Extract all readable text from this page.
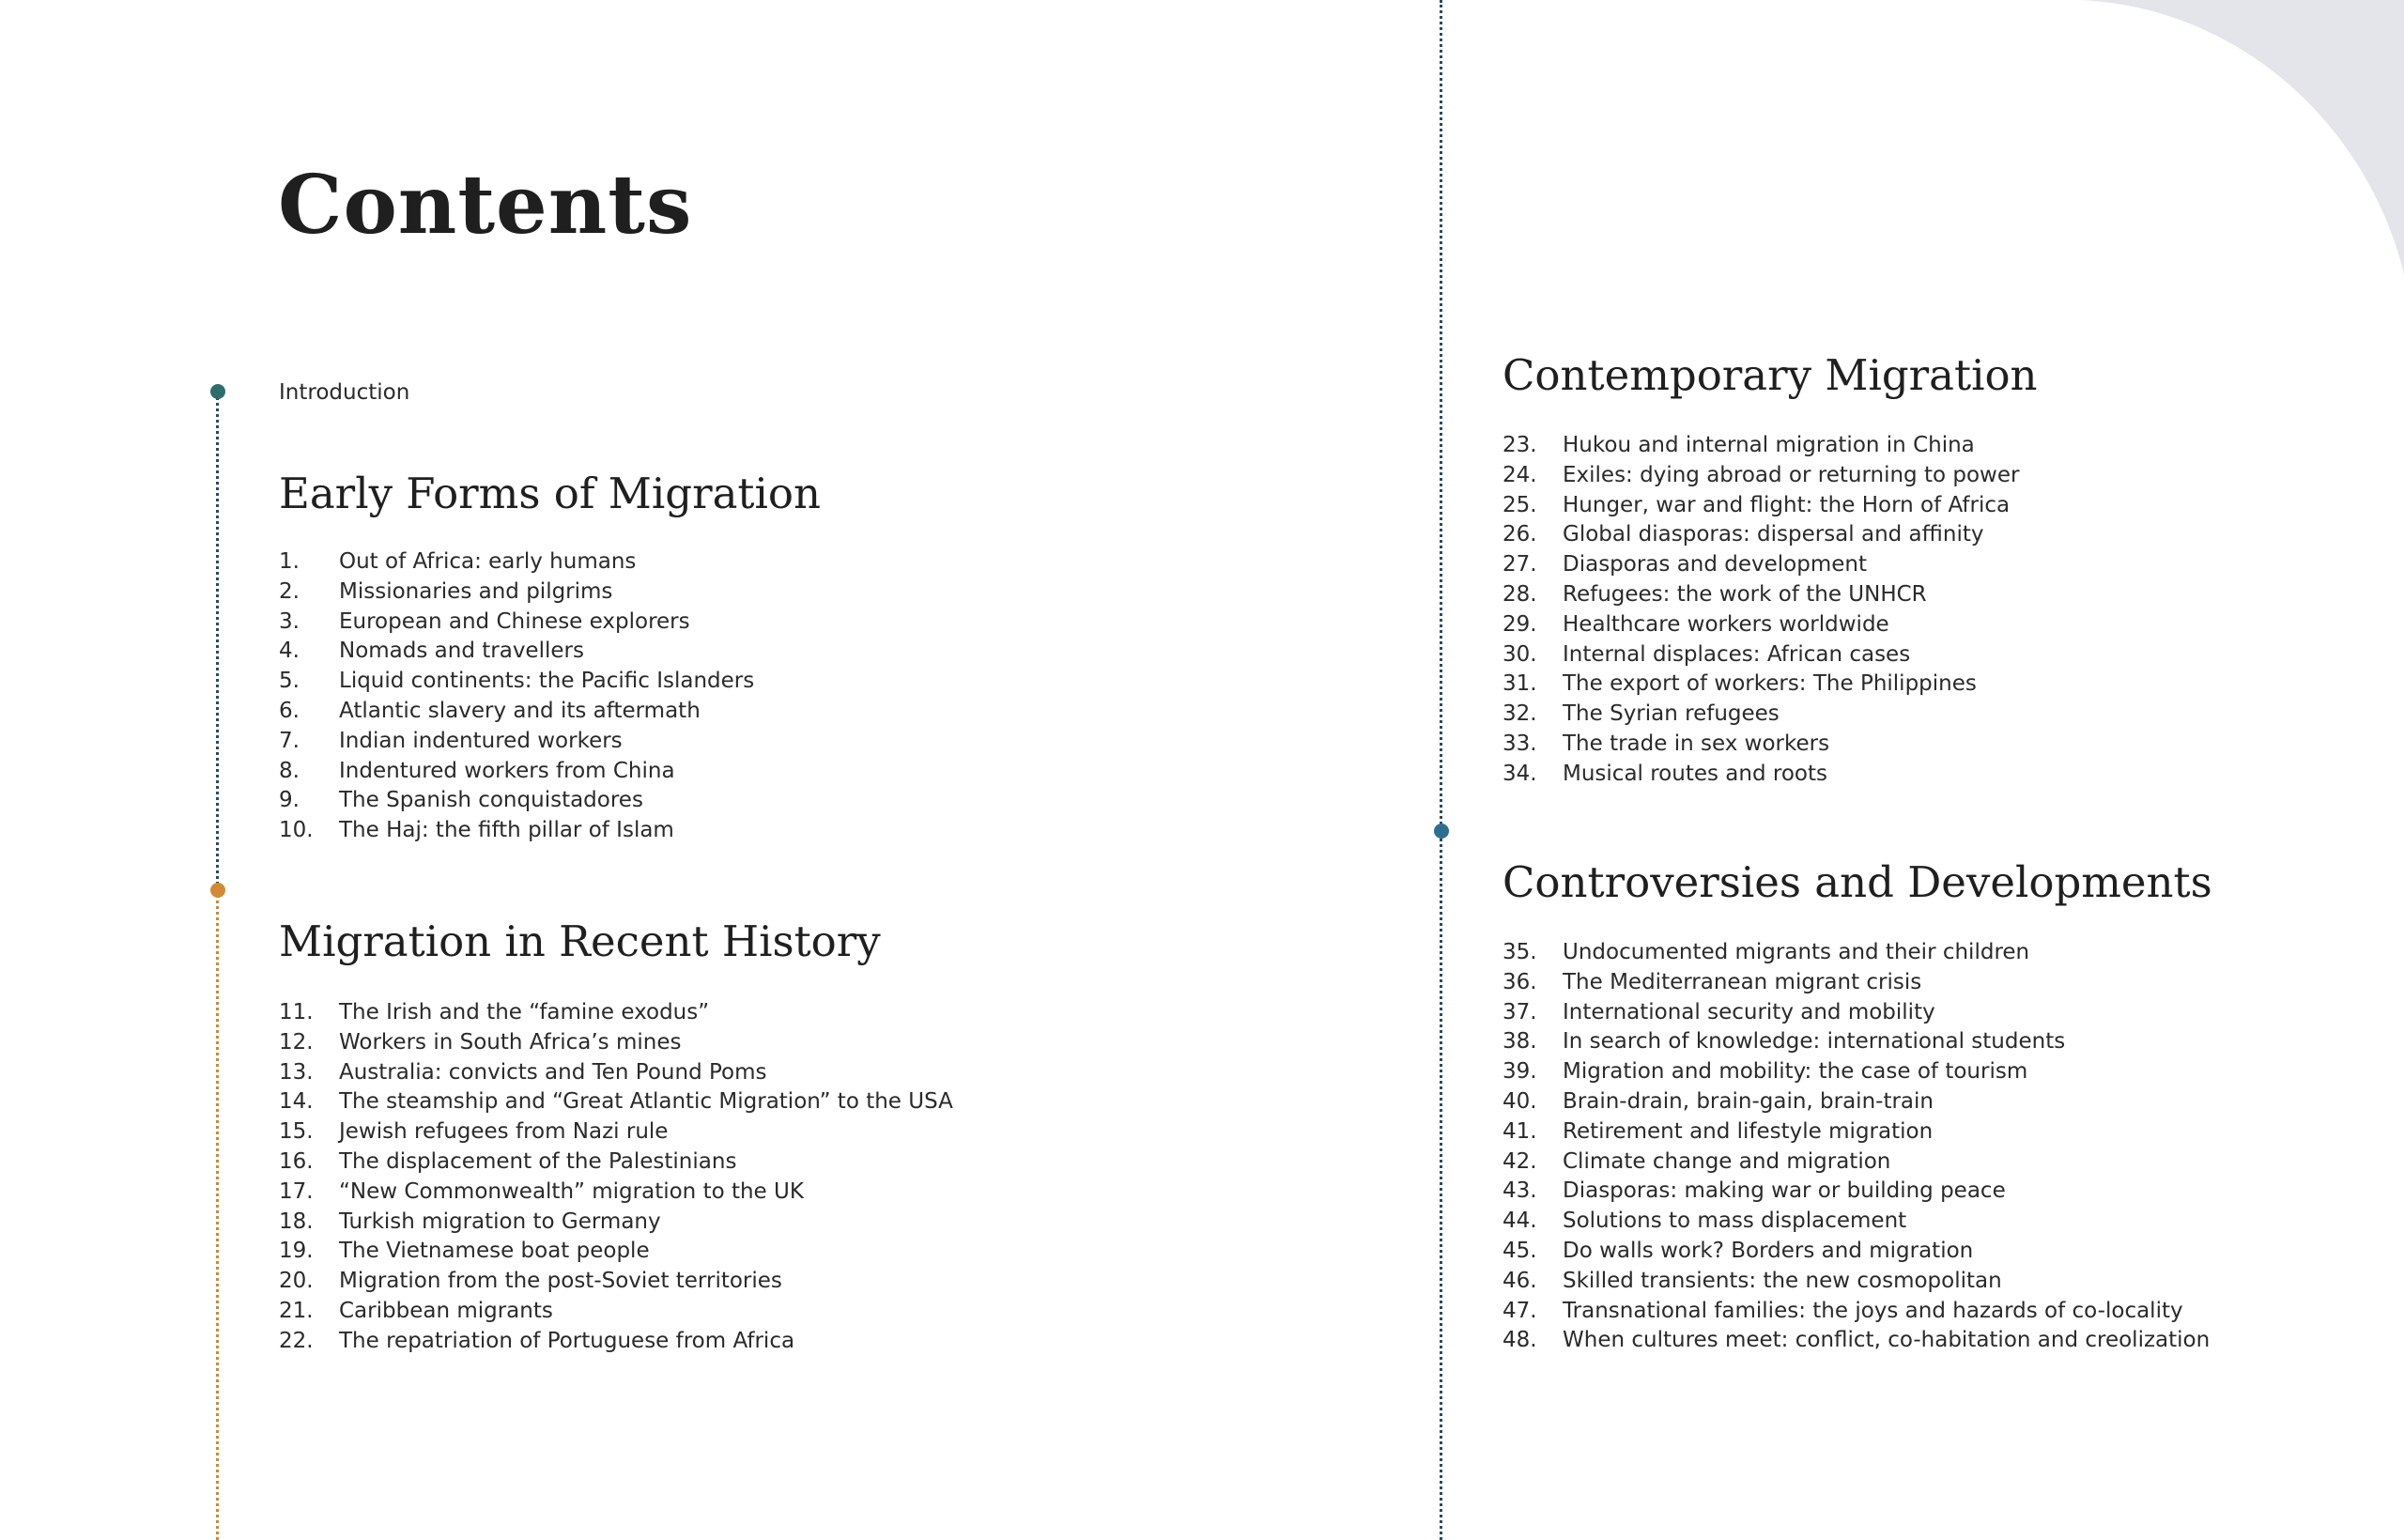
Contents
Introduction
Early Forms of Migration
1.	Out of Africa: early humans
2.	Missionaries and pilgrims
3.	European and Chinese explorers
4.	Nomads and travellers
5.	Liquid continents: the Pacific Islanders
6.	Atlantic slavery and its aftermath
7.	Indian indentured workers
8.	Indentured workers from China
9.	The Spanish conquistadores
10.	The Haj: the fifth pillar of Islam
Migration in Recent History
11.	The Irish and the “famine exodus”
12.	Workers in South Africa’s mines
13.	Australia: convicts and Ten Pound Poms
14.	The steamship and “Great Atlantic Migration” to the USA
15.	Jewish refugees from Nazi rule
16.	The displacement of the Palestinians
17.	“New Commonwealth” migration to the UK
18.	Turkish migration to Germany
19.	The Vietnamese boat people
20.	Migration from the post-Soviet territories
21.	Caribbean migrants
22.	The repatriation of Portuguese from Africa
Contemporary Migration
23.	Hukou and internal migration in China
24.	Exiles: dying abroad or returning to power
25.	Hunger, war and flight: the Horn of Africa
26.	Global diasporas: dispersal and affinity
27.	Diasporas and development
28.	Refugees: the work of the UNHCR
29.	Healthcare workers worldwide
30.	Internal displaces: African cases
31.	The export of workers: The Philippines
32.	The Syrian refugees
33.	The trade in sex workers
34.	Musical routes and roots
Controversies and Developments
35.	Undocumented migrants and their children
36.	The Mediterranean migrant crisis
37.	International security and mobility
38.	In search of knowledge: international students
39.	Migration and mobility: the case of tourism
40.	Brain-drain, brain-gain, brain-train
41.	Retirement and lifestyle migration
42.	Climate change and migration
43.	Diasporas: making war or building peace
44.	Solutions to mass displacement
45.	Do walls work? Borders and migration
46.	Skilled transients: the new cosmopolitan
47.	Transnational families: the joys and hazards of co-locality
48.	When cultures meet: conflict, co-habitation and creolization
